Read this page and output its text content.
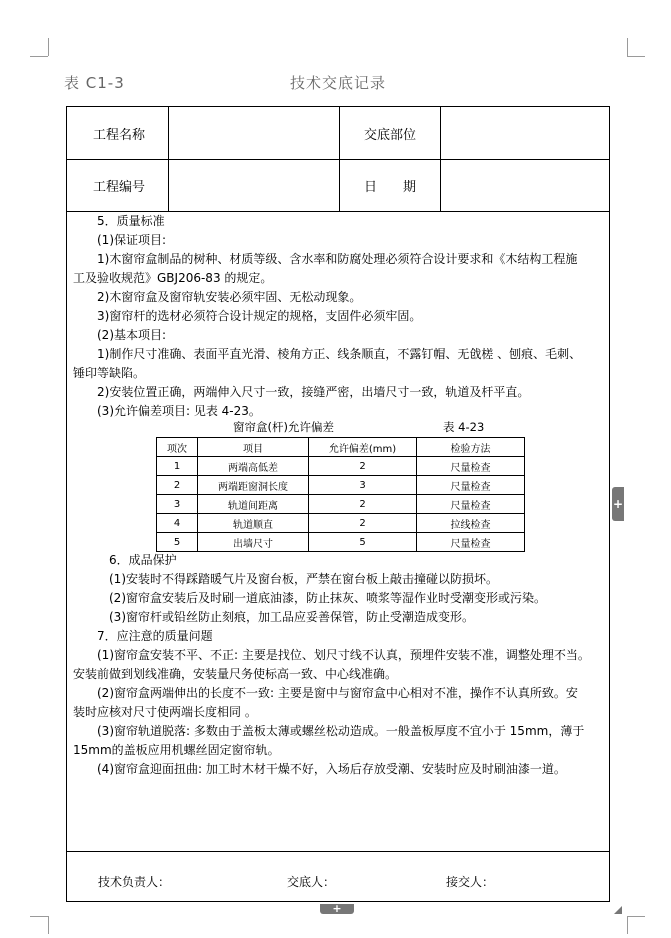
表 C1-3	技术交底记录
工程名称	交底部位
工程编号	日　　期

5．质量标准

(1)保证项目:

1)木窗帘盒制品的树种、材质等级、含水率和防腐处理必须符合设计要求和《木结构工程施

工及验收规范》GBJ206-83 的规定。

2)木窗帘盒及窗帘轨安装必须牢固、无松动现象。

3)窗帘杆的选材必须符合设计规定的规格，支固件必须牢固。

(2)基本项目:

1)制作尺寸准确、表面平直光滑、棱角方正、线条顺直，不露钉帽、无戗槎 、刨痕、毛刺、

锤印等缺陷。

2)安装位置正确，两端伸入尺寸一致，接缝严密，出墙尺寸一致，轨道及杆平直。

(3)允许偏差项目: 见表 4-23。

窗帘盒(杆)允许偏差	表 4-23
项次	项目	允许偏差(mm)	检验方法
1	两端高低差	2	尺量检查
2	两端距窗洞长度	3	尺量检查
3	轨道间距离	2	尺量检查
4	轨道顺直	2	拉线检查
5	出墙尺寸	5	尺量检查

6．成品保护

(1)安装时不得踩踏暖气片及窗台板，严禁在窗台板上敲击撞碰以防损坏。

(2)窗帘盒安装后及时刷一道底油漆，防止抹灰、喷浆等湿作业时受潮变形或污染。

(3)窗帘杆或铅丝防止刻痕，加工品应妥善保管，防止受潮造成变形。

7．应注意的质量问题

(1)窗帘盒安装不平、不正: 主要是找位、划尺寸线不认真，预埋件安装不准，调整处理不当。

安装前做到划线准确，安装量尺务使标高一致、中心线准确。

(2)窗帘盒两端伸出的长度不一致: 主要是窗中与窗帘盒中心相对不准，操作不认真所致。安

装时应核对尺寸使两端长度相同 。

(3)窗帘轨道脱落: 多数由于盖板太薄或螺丝松动造成。一般盖板厚度不宜小于 15mm，薄于

15mm的盖板应用机螺丝固定窗帘轨。

(4)窗帘盒迎面扭曲: 加工时木材干燥不好，入场后存放受潮、安装时应及时刷油漆一道。

技术负责人：	交底人：	接交人：
+
+
